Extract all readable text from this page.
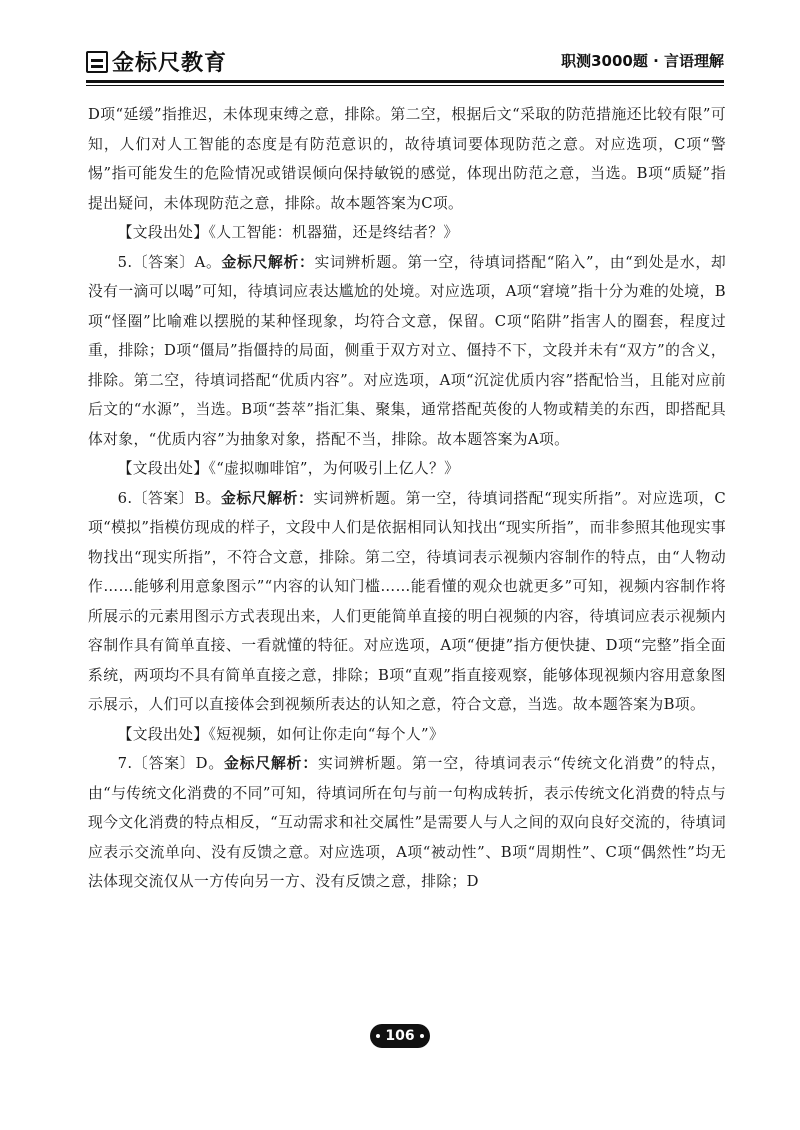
金标尺教育	职测3000题 · 言语理解

D项“延缓”指推迟，未体现束缚之意，排除。第二空，根据后文“采取的防范措施还比较有限”可知，人们对人工智能的态度是有防范意识的，故待填词要体现防范之意。对应选项，C项“警惕”指可能发生的危险情况或错误倾向保持敏锐的感觉，体现出防范之意，当选。B项“质疑”指提出疑问，未体现防范之意，排除。故本题答案为C项。

【文段出处】《人工智能：机器猫，还是终结者？》

5.〔答案〕A。金标尺解析：实词辨析题。第一空，待填词搭配“陷入”，由“到处是水，却没有一滴可以喝”可知，待填词应表达尴尬的处境。对应选项，A项“窘境”指十分为难的处境，B项“怪圈”比喻难以摆脱的某种怪现象，均符合文意，保留。C项“陷阱”指害人的圈套，程度过重，排除；D项“僵局”指僵持的局面，侧重于双方对立、僵持不下，文段并未有“双方”的含义，排除。第二空，待填词搭配“优质内容”。对应选项，A项“沉淀优质内容”搭配恰当，且能对应前后文的“水源”，当选。B项“荟萃”指汇集、聚集，通常搭配英俊的人物或精美的东西，即搭配具体对象，“优质内容”为抽象对象，搭配不当，排除。故本题答案为A项。

【文段出处】《“虚拟咖啡馆”，为何吸引上亿人？》

6.〔答案〕B。金标尺解析：实词辨析题。第一空，待填词搭配“现实所指”。对应选项，C项“模拟”指模仿现成的样子，文段中人们是依据相同认知找出“现实所指”，而非参照其他现实事物找出“现实所指”，不符合文意，排除。第二空，待填词表示视频内容制作的特点，由“人物动作……能够利用意象图示”“内容的认知门槛……能看懂的观众也就更多”可知，视频内容制作将所展示的元素用图示方式表现出来，人们更能简单直接的明白视频的内容，待填词应表示视频内容制作具有简单直接、一看就懂的特征。对应选项，A项“便捷”指方便快捷、D项“完整”指全面系统，两项均不具有简单直接之意，排除；B项“直观”指直接观察，能够体现视频内容用意象图示展示，人们可以直接体会到视频所表达的认知之意，符合文意，当选。故本题答案为B项。

【文段出处】《短视频，如何让你走向“每个人”》

7.〔答案〕D。金标尺解析：实词辨析题。第一空，待填词表示“传统文化消费”的特点，由“与传统文化消费的不同”可知，待填词所在句与前一句构成转折，表示传统文化消费的特点与现今文化消费的特点相反，“互动需求和社交属性”是需要人与人之间的双向良好交流的，待填词应表示交流单向、没有反馈之意。对应选项，A项“被动性”、B项“周期性”、C项“偶然性”均无法体现交流仅从一方传向另一方、没有反馈之意，排除；D

106
